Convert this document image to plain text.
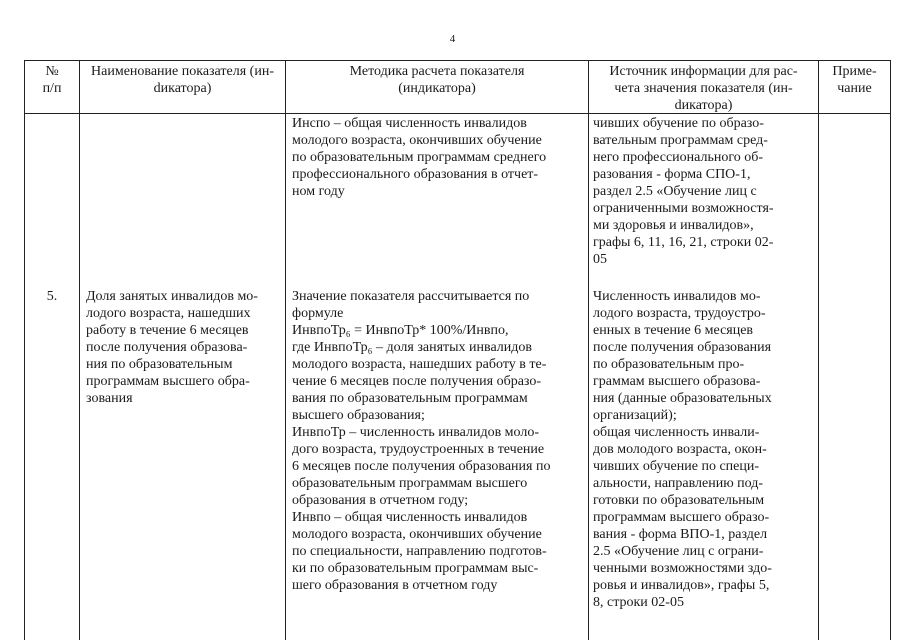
4
№
п/п
Наименование показателя (ин-
dикатора)
Методика расчета показателя
(индикатора)
Источник информации для рас-
чета значения показателя (ин-
dикатора)
Приме-
чание
Инспо – общая численность инвалидов
молодого возраста, окончивших обучение
по образовательным программам среднего
профессионального образования в отчет-
ном году
чивших обучение по образо-
вательным программам сред-
него профессионального об-
разования - форма СПО-1,
раздел 2.5 «Обучение лиц с
ограниченными возможностя-
ми здоровья и инвалидов»,
графы 6, 11, 16, 21, строки 02-
05
5.	Доля занятых инвалидов мо-
лодого возраста, нашедших
работу в течение 6 месяцев
после получения образова-
ния по образовательным
программам высшего обра-
зования
Значение показателя рассчитывается по
формуле
ИнвпоТр₆ = ИнвпоТр* 100%/Инвпо,
где ИнвпоТр₆ – доля занятых инвалидов
молодого возраста, нашедших работу в те-
чение 6 месяцев после получения образо-
вания по образовательным программам
высшего образования;
ИнвпоТр – численность инвалидов моло-
дого возраста, трудоустроенных в течение
6 месяцев после получения образования по
образовательным программам высшего
образования в отчетном году;
Инвпо – общая численность инвалидов
молодого возраста, окончивших обучение
по специальности, направлению подготов-
ки по образовательным программам выс-
шего образования в отчетном году
Численность инвалидов мо-
лодого возраста, трудоустро-
енных в течение 6 месяцев
после получения образования
по образовательным про-
граммам высшего образова-
ния (данные образовательных
организаций);
общая численность инвали-
дов молодого возраста, окон-
чивших обучение по специ-
альности, направлению под-
готовки по образовательным
программам высшего образо-
вания - форма ВПО-1, раздел
2.5 «Обучение лиц с ограни-
ченными возможностями здо-
ровья и инвалидов», графы 5,
8, строки 02-05
